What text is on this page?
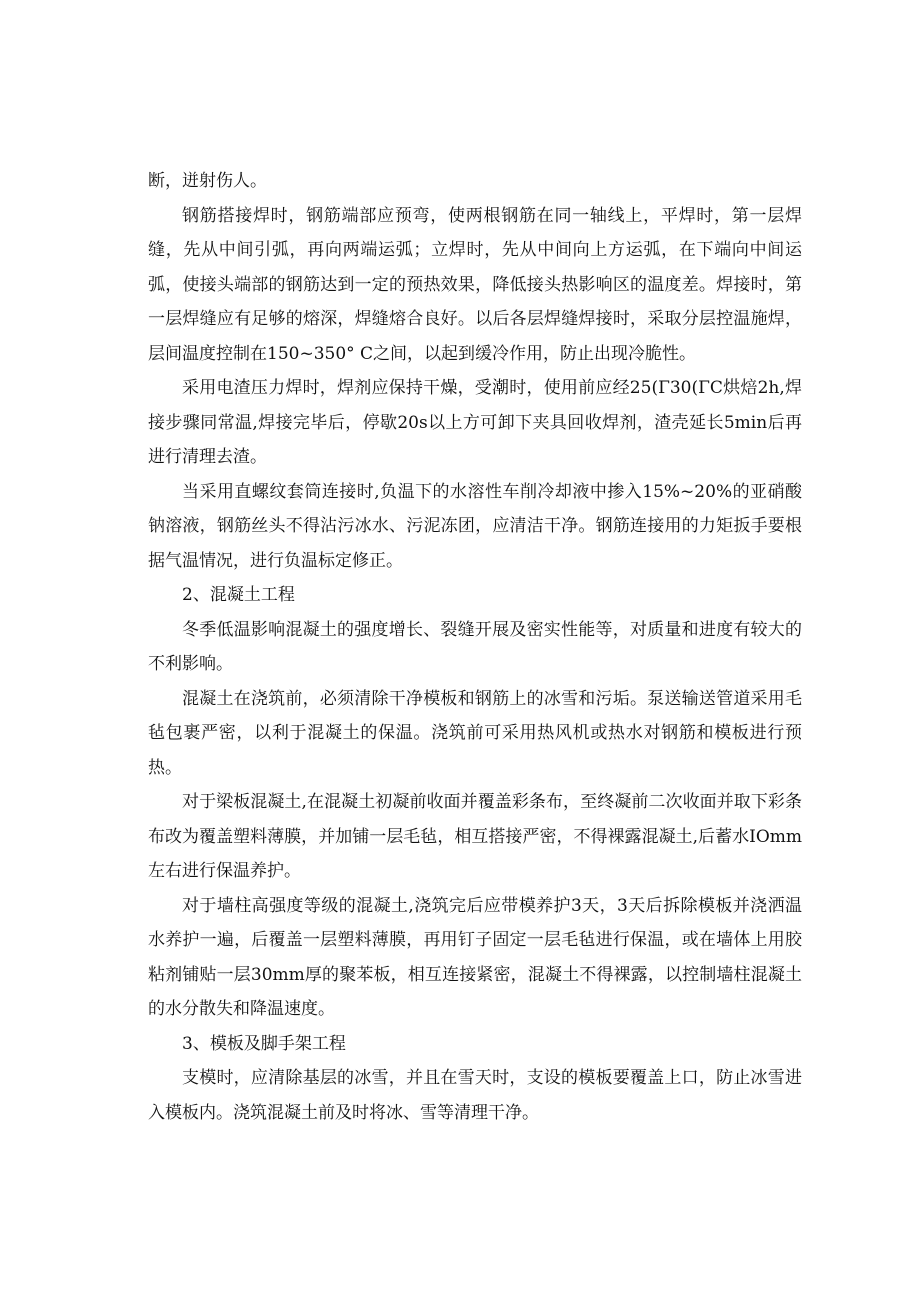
断，迸射伤人。

钢筋搭接焊时，钢筋端部应预弯，使两根钢筋在同一轴线上，平焊时，第一层焊缝，先从中间引弧，再向两端运弧；立焊时，先从中间向上方运弧，在下端向中间运弧，使接头端部的钢筋达到一定的预热效果，降低接头热影响区的温度差。焊接时，第一层焊缝应有足够的熔深，焊缝熔合良好。以后各层焊缝焊接时，采取分层控温施焊，层间温度控制在150~350° C之间，以起到缓冷作用，防止出现冷脆性。

采用电渣压力焊时，焊剂应保持干燥，受潮时，使用前应经25(Γ30(ΓC烘焙2h,焊接步骤同常温,焊接完毕后，停歇20s以上方可卸下夹具回收焊剂，渣壳延长5min后再进行清理去渣。

当采用直螺纹套筒连接时,负温下的水溶性车削冷却液中掺入15%~20%的亚硝酸钠溶液，钢筋丝头不得沾污冰水、污泥冻团，应清洁干净。钢筋连接用的力矩扳手要根据气温情况，进行负温标定修正。

2、混凝土工程

冬季低温影响混凝土的强度增长、裂缝开展及密实性能等，对质量和进度有较大的不利影响。

混凝土在浇筑前，必须清除干净模板和钢筋上的冰雪和污垢。泵送输送管道采用毛毡包裹严密，以利于混凝土的保温。浇筑前可采用热风机或热水对钢筋和模板进行预热。

对于梁板混凝土,在混凝土初凝前收面并覆盖彩条布，至终凝前二次收面并取下彩条布改为覆盖塑料薄膜，并加铺一层毛毡，相互搭接严密，不得裸露混凝土,后蓄水IOmm左右进行保温养护。

对于墙柱高强度等级的混凝土,浇筑完后应带模养护3天，3天后拆除模板并浇洒温水养护一遍，后覆盖一层塑料薄膜，再用钉子固定一层毛毡进行保温，或在墙体上用胶粘剂铺贴一层30mm厚的聚苯板，相互连接紧密，混凝土不得裸露，以控制墙柱混凝土的水分散失和降温速度。

3、模板及脚手架工程

支模时，应清除基层的冰雪，并且在雪天时，支设的模板要覆盖上口，防止冰雪进入模板内。浇筑混凝土前及时将冰、雪等清理干净。
